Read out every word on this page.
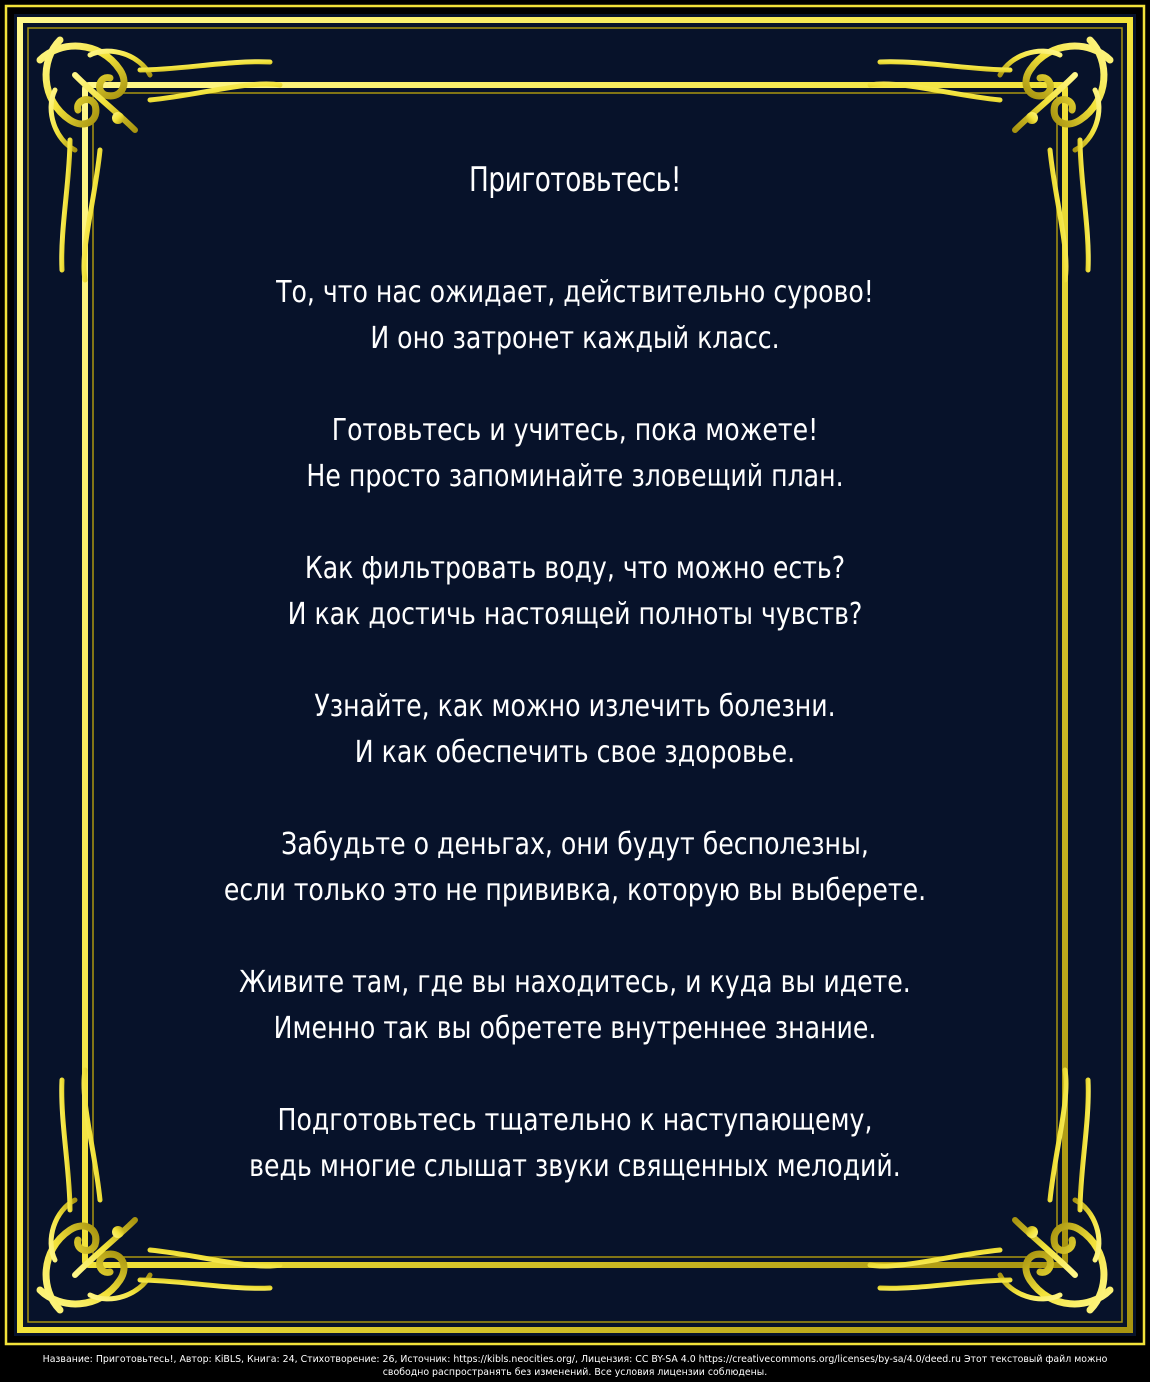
Приготовьтесь!
То, что нас ожидает, действительно сурово!
И оно затронет каждый класс.
Готовьтесь и учитесь, пока можете!
Не просто запоминайте зловещий план.
Как фильтровать воду, что можно есть?
И как достичь настоящей полноты чувств?
Узнайте, как можно излечить болезни.
И как обеспечить свое здоровье.
Забудьте о деньгах, они будут бесполезны,
если только это не прививка, которую вы выберете.
Живите там, где вы находитесь, и куда вы идете.
Именно так вы обретете внутреннее знание.
Подготовьтесь тщательно к наступающему,
ведь многие слышат звуки священных мелодий.
Название: Приготовьтесь!, Автор: KiBLS, Книга: 24, Стихотворение: 26, Источник: https://kibls.neocities.org/, Лицензия: CC BY-SA 4.0 https://creativecommons.org/licenses/by-sa/4.0/deed.ru Этот текстовый файл можно
свободно распространять без изменений. Все условия лицензии соблюдены.
